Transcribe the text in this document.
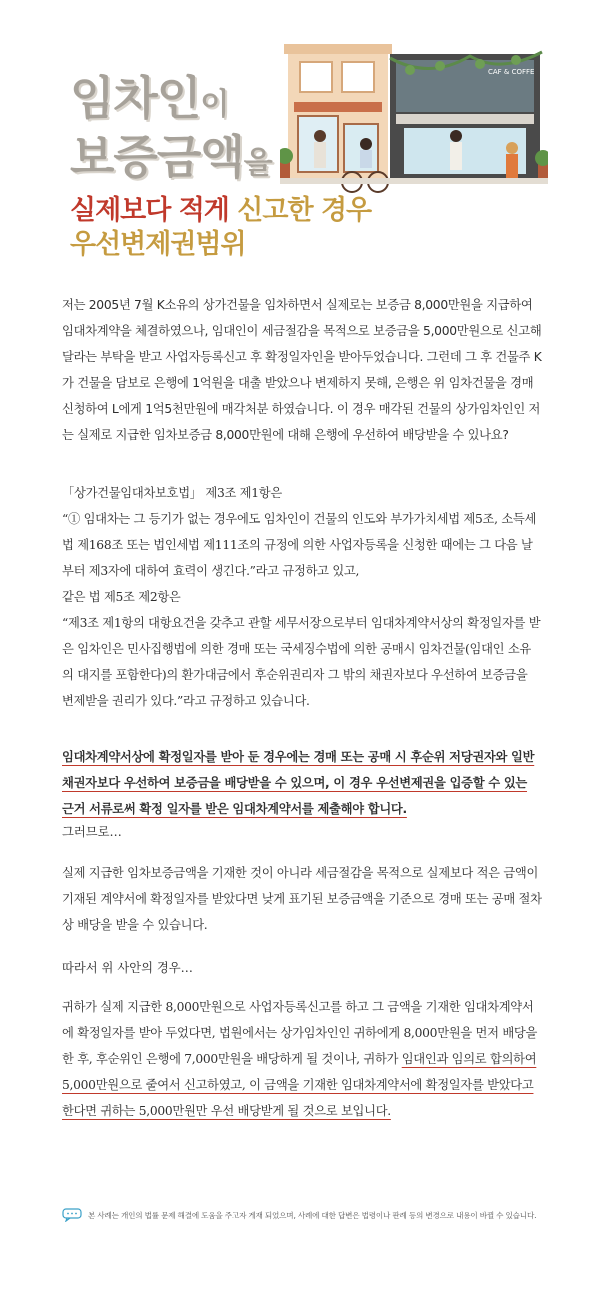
CAF & COFFE
임차인이
보증금액을
실제보다 적게 신고한 경우
우선변제권범위
저는 2005년 7월 K소유의 상가건물을 임차하면서 실제로는 보증금 8,000만원을 지급하여 임대차계약을 체결하였으나, 임대인이 세금절감을 목적으로 보증금을 5,000만원으로 신고해 달라는 부탁을 받고 사업자등록신고 후 확정일자인을 받아두었습니다. 그런데 그 후 건물주 K가 건물을 담보로 은행에 1억원을 대출 받았으나 변제하지 못해, 은행은 위 임차건물을 경매신청하여 L에게 1억5천만원에 매각처분 하였습니다. 이 경우 매각된 건물의 상가임차인인 저는 실제로 지급한 임차보증금 8,000만원에 대해 은행에 우선하여 배당받을 수 있나요?

「상가건물임대차보호법」 제3조 제1항은

“① 임대차는 그 등기가 없는 경우에도 임차인이 건물의 인도와 부가가치세법 제5조, 소득세법 제168조 또는 법인세법 제111조의 규정에 의한 사업자등록을 신청한 때에는 그 다음 날부터 제3자에 대하여 효력이 생긴다.”라고 규정하고 있고,

같은 법 제5조 제2항은

“제3조 제1항의 대항요건을 갖추고 관할 세무서장으로부터 임대차계약서상의 확정일자를 받은 임차인은 민사집행법에 의한 경매 또는 국세징수법에 의한 공매시 임차건물(임대인 소유의 대지를 포함한다)의 환가대금에서 후순위권리자 그 밖의 채권자보다 우선하여 보증금을 변제받을 권리가 있다.”라고 규정하고 있습니다.

임대차계약서상에 확정일자를 받아 둔 경우에는 경매 또는 공매 시 후순위 저당권자와 일반채권자보다 우선하여 보증금을 배당받을 수 있으며, 이 경우 우선변제권을 입증할 수 있는 근거 서류로써 확정 일자를 받은 임대차계약서를 제출해야 합니다.
그러므로…
실제 지급한 임차보증금액을 기재한 것이 아니라 세금절감을 목적으로 실제보다 적은 금액이 기재된 계약서에 확정일자를 받았다면 낮게 표기된 보증금액을 기준으로 경매 또는 공매 절차상 배당을 받을 수 있습니다.
따라서 위 사안의 경우…
귀하가 실제 지급한 8,000만원으로 사업자등록신고를 하고 그 금액을 기재한 임대차계약서에 확정일자를 받아 두었다면, 법원에서는 상가임차인인 귀하에게 8,000만원을 먼저 배당을 한 후, 후순위인 은행에 7,000만원을 배당하게 될 것이나, 귀하가 임대인과 임의로 합의하여 5,000만원으로 줄여서 신고하였고, 이 금액을 기재한 임대차계약서에 확정일자를 받았다고 한다면 귀하는 5,000만원만 우선 배당받게 될 것으로 보입니다.
본 사례는 개인의 법률 문제 해결에 도움을 주고자 게재 되었으며, 사례에 대한 답변은 법령이나 판례 등의 변경으로 내용이 바뀔 수 있습니다.
